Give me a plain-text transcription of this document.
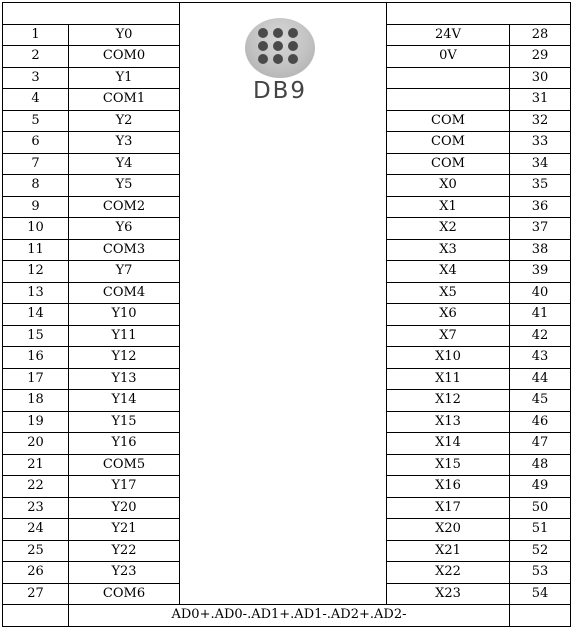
1	Y0		24V	28
2	COM0		0V	29
3	Y1			30
4	COM1			31
5	Y2		COM	32
6	Y3		COM	33
7	Y4		COM	34
8	Y5		X0	35
9	COM2		X1	36
10	Y6		X2	37
11	COM3		X3	38
12	Y7		X4	39
13	COM4		X5	40
14	Y10		X6	41
15	Y11		X7	42
16	Y12		X10	43
17	Y13		X11	44
18	Y14		X12	45
19	Y15		X13	46
20	Y16		X14	47
21	COM5		X15	48
22	Y17		X16	49
23	Y20		X17	50
24	Y21		X20	51
25	Y22		X21	52
26	Y23		X22	53
27	COM6		X23	54
	AD0+.AD0-.AD1+.AD1-.AD2+.AD2-			
DB9
